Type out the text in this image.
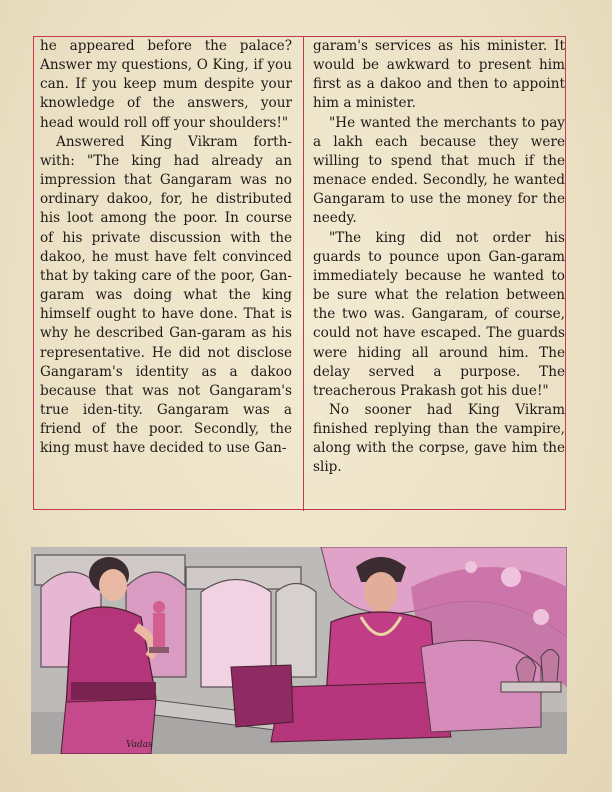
he appeared before the palace? Answer my questions, O King, if you can. If you keep mum despite your knowledge of the answers, your head would roll off your shoulders!"

Answered King Vikram forth-with: "The king had already an impression that Gangaram was no ordinary dakoo, for, he distributed his loot among the poor. In course of his private discussion with the dakoo, he must have felt convinced that by taking care of the poor, Gan-garam was doing what the king himself ought to have done. That is why he described Gan-garam as his representative. He did not disclose Gangaram's identity as a dakoo because that was not Gangaram's true iden-tity. Gangaram was a friend of the poor. Secondly, the king must have decided to use Gan-

garam's services as his minister. It would be awkward to present him first as a dakoo and then to appoint him a minister.

"He wanted the merchants to pay a lakh each because they were willing to spend that much if the menace ended. Secondly, he wanted Gangaram to use the money for the needy.

"The king did not order his guards to pounce upon Gan-garam immediately because he wanted to be sure what the relation between the two was. Gangaram, of course, could not have escaped. The guards were hiding all around him. The delay served a purpose. The treacherous Prakash got his due!"

No sooner had King Vikram finished replying than the vampire, along with the corpse, gave him the slip.

Vadas
